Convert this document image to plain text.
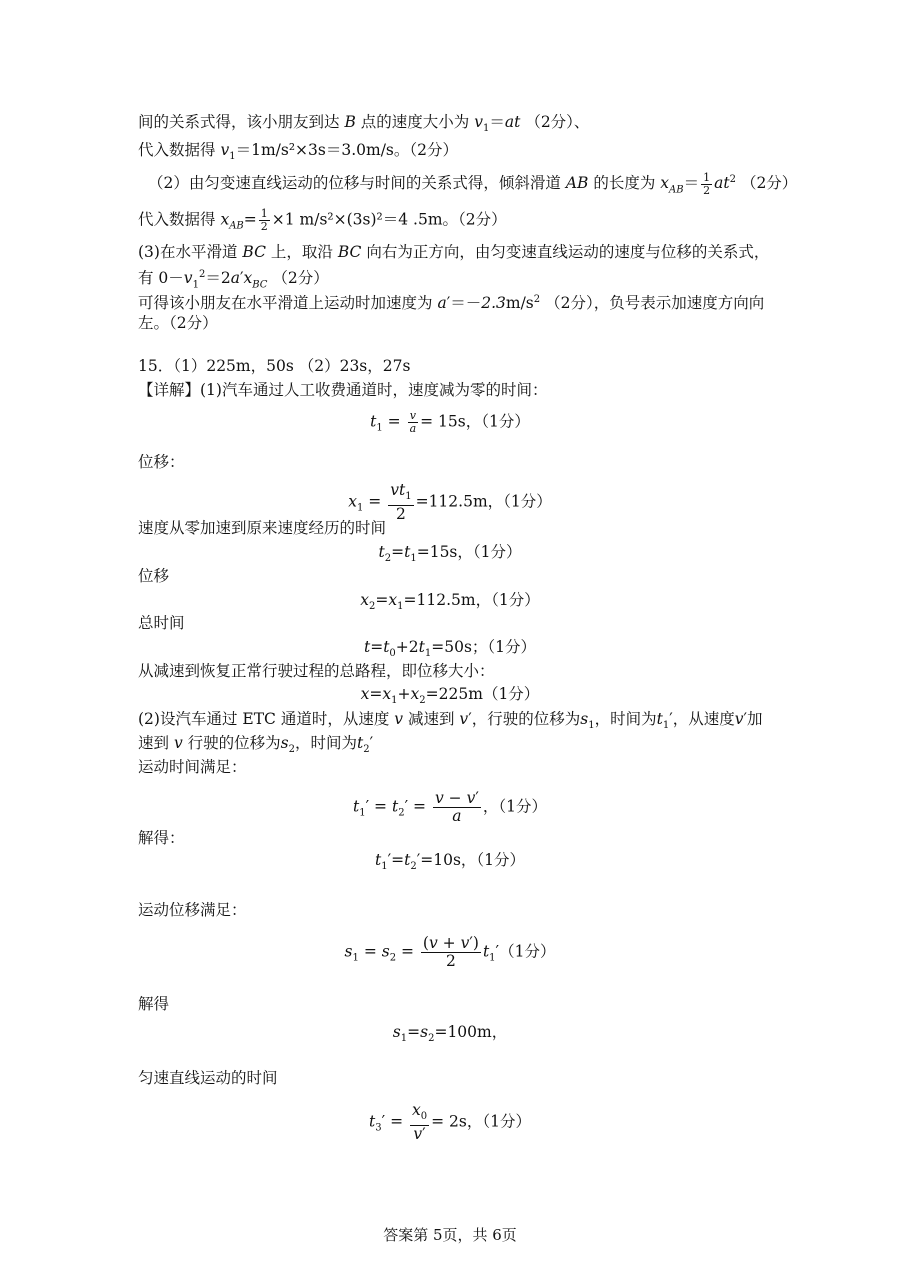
间的关系式得，该小朋友到达 B 点的速度大小为 $v_1=at$ （2分）、
代入数据得 $v_1=1m/s^2\times 3s=3.0m/s$。（2分）
（2）由匀变速直线运动的位移与时间的关系式得，倾斜滑道 AB 的长度为 $x_{AB}= \frac{1}{2} at^2$ （2分）
代入数据得 $x_{AB}= \frac{1}{2} \times 1$ m/s²×(3s)²＝4 .5m。（2分）
(3)在水平滑道 BC 上，取沿 BC 向右为正方向，由匀变速直线运动的速度与位移的关系式，
有 $0-v_1^2=2a'x_{BC}$ （2分）
可得该小朋友在水平滑道上运动时加速度为 $a'=-2.3m/s^2$ （2分），负号表示加速度方向向
左。（2分）
15．（1）225m，50s （2）23s，27s
【详解】(1)汽车通过人工收费通道时，速度减为零的时间：
$t_1 = \frac{v}{a} = 15s$，（1分）
位移：
$x_1 = \frac{vt_1}{2} =112.5m$，（1分）
速度从零加速到原来速度经历的时间
$t_2=t_1=15s$，（1分）
位移
$x_2=x_1=112.5m$，（1分）
总时间
$t=t_0+2t_1=50s$；（1分）
从减速到恢复正常行驶过程的总路程，即位移大小：
$x=x_1+x_2=225m(1$分）
(2)设汽车通过 ETC 通道时，从速度 v 减速到 v′，行驶的位移为$s_1$，时间为$t_1'$，从速度v′加
速到 v 行驶的位移为$s_2$，时间为$t_2'$
运动时间满足：
$t_1' = t_2' = \frac{v - v'}{a}$ ，（1分）
解得：
$t_1'=t_2'=10s$，（1分）
运动位移满足：
$s_1 = s_2 = \frac{(v + v')}{2} t_1'(1$分）
解得
$s_1=s_2=100m$，
匀速直线运动的时间
$t_3' = \frac{x_0}{v'} = 2s$，（1分）
答案第 5页，共 6页
